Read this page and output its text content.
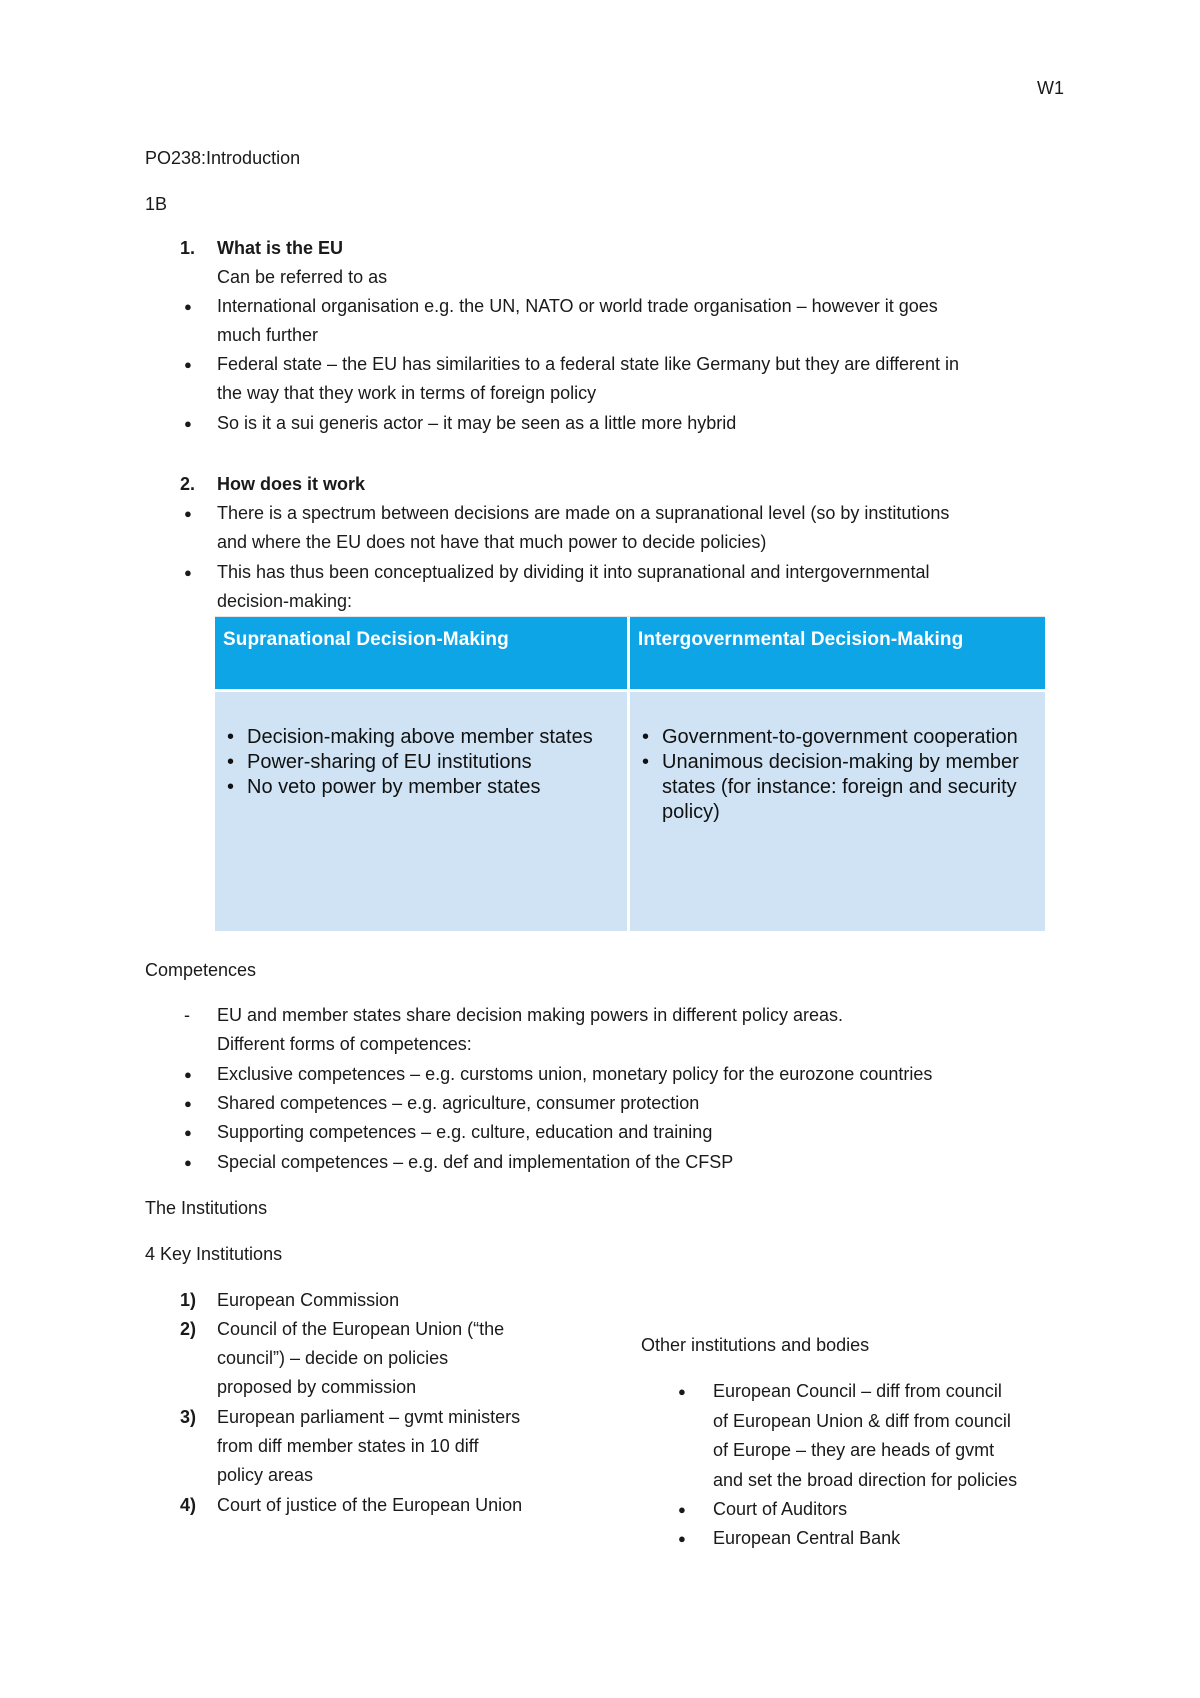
W1
PO238:Introduction
1B
1. What is the EU
Can be referred to as
● International organisation e.g. the UN, NATO or world trade organisation – however it goes
much further
● Federal state – the EU has similarities to a federal state like Germany but they are different in
the way that they work in terms of foreign policy
● So is it a sui generis actor – it may be seen as a little more hybrid
2. How does it work
● There is a spectrum between decisions are made on a supranational level (so by institutions
and where the EU does not have that much power to decide policies)
● This has thus been conceptualized by dividing it into supranational and intergovernmental
decision-making:
Supranational Decision-Making
• Decision-making above member states
• Power-sharing of EU institutions
• No veto power by member states
Intergovernmental Decision-Making
• Government-to-government cooperation
• Unanimous decision-making by member states (for instance: foreign and security policy)
Competences
- EU and member states share decision making powers in different policy areas.
Different forms of competences:
● Exclusive competences – e.g. curstoms union, monetary policy for the eurozone countries
● Shared competences – e.g. agriculture, consumer protection
● Supporting competences – e.g. culture, education and training
● Special competences – e.g. def and implementation of the CFSP
The Institutions
4 Key Institutions
1) European Commission
2) Council of the European Union (“the
council”) – decide on policies
proposed by commission
3) European parliament – gvmt ministers
from diff member states in 10 diff
policy areas
4) Court of justice of the European Union
Other institutions and bodies
● European Council – diff from council
of European Union & diff from council
of Europe – they are heads of gvmt
and set the broad direction for policies
● Court of Auditors
● European Central Bank
